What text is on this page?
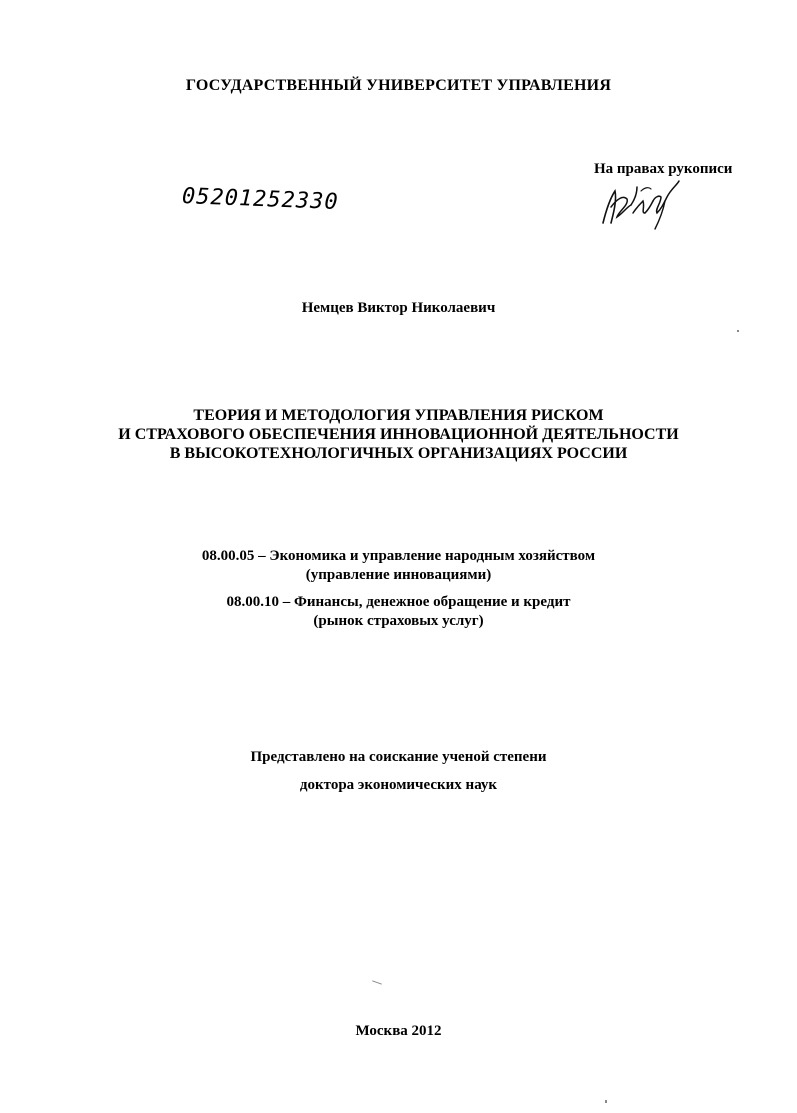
ГОСУДАРСТВЕННЫЙ УНИВЕРСИТЕТ УПРАВЛЕНИЯ
На правах рукописи
05201252330
Немцев Виктор Николаевич
ТЕОРИЯ И МЕТОДОЛОГИЯ УПРАВЛЕНИЯ РИСКОМ
И СТРАХОВОГО ОБЕСПЕЧЕНИЯ ИННОВАЦИОННОЙ ДЕЯТЕЛЬНОСТИ
В ВЫСОКОТЕХНОЛОГИЧНЫХ ОРГАНИЗАЦИЯХ РОССИИ
08.00.05 – Экономика и управление народным хозяйством
(управление инновациями)
08.00.10 – Финансы, денежное обращение и кредит
(рынок страховых услуг)
Представлено на соискание ученой степени
доктора экономических наук
Москва 2012
